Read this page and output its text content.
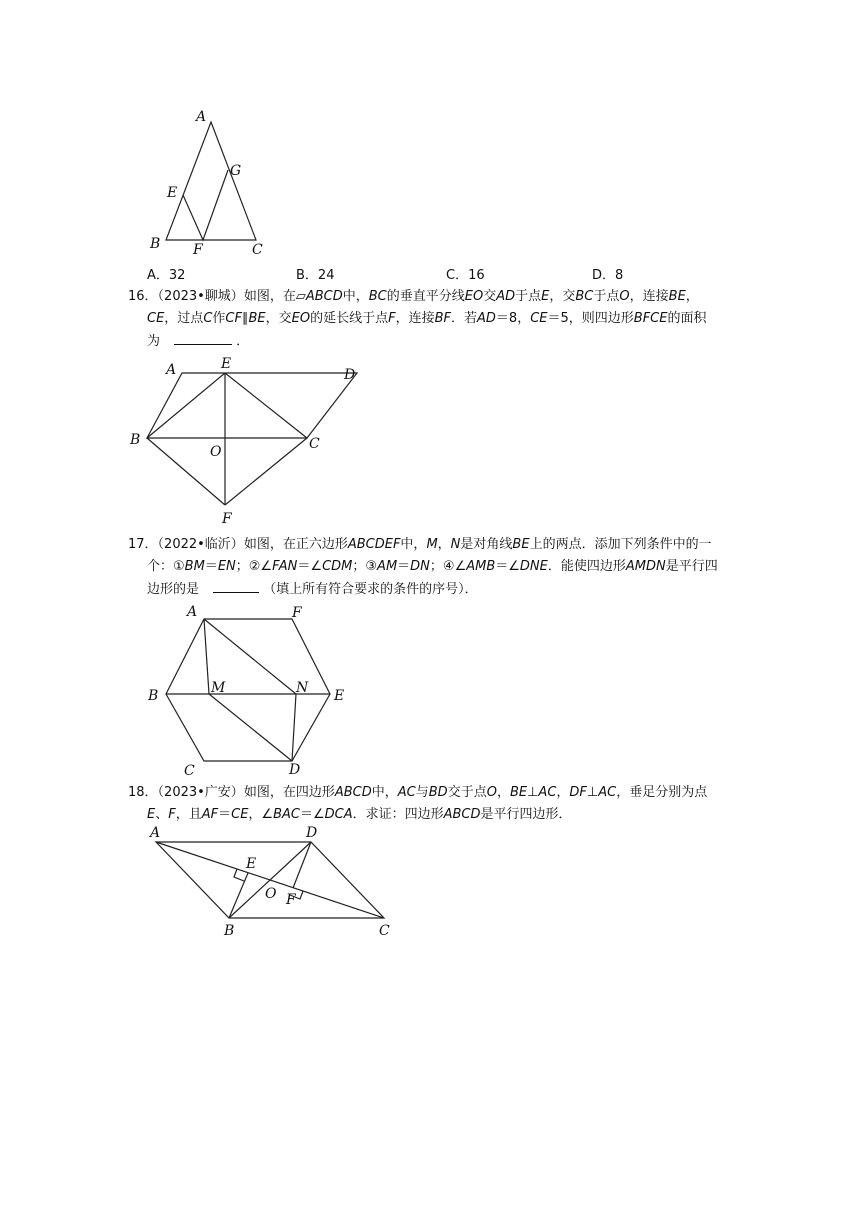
A
E
G
B F	C
A．32	B．24	C．16	D．8
16．（2023•聊城）如图，在▱ABCD中，BC的垂直平分线EO交AD于点E，交BC于点O，连接BE，
CE，过点C作CF∥BE，交EO的延长线于点F，连接BF．若AD＝8，CE＝5，则四边形BFCE的面积
为	．
A	E
D
B
O	C
F
17．（2022•临沂）如图，在正六边形ABCDEF中，M，N是对角线BE上的两点．添加下列条件中的一
个：①BM＝EN；②∠FAN＝∠CDM；③AM＝DN；④∠AMB＝∠DNE．能使四边形AMDN是平行四
边形的是	（填上所有符合要求的条件的序号）．
A	F
B	M	N E
C	D
18．（2023•广安）如图，在四边形ABCD中，AC与BD交于点O，BE⊥AC，DF⊥AC，垂足分别为点
E、F，且AF＝CE，∠BAC＝∠DCA．求证：四边形ABCD是平行四边形．
A	D
E
O F
B	C
